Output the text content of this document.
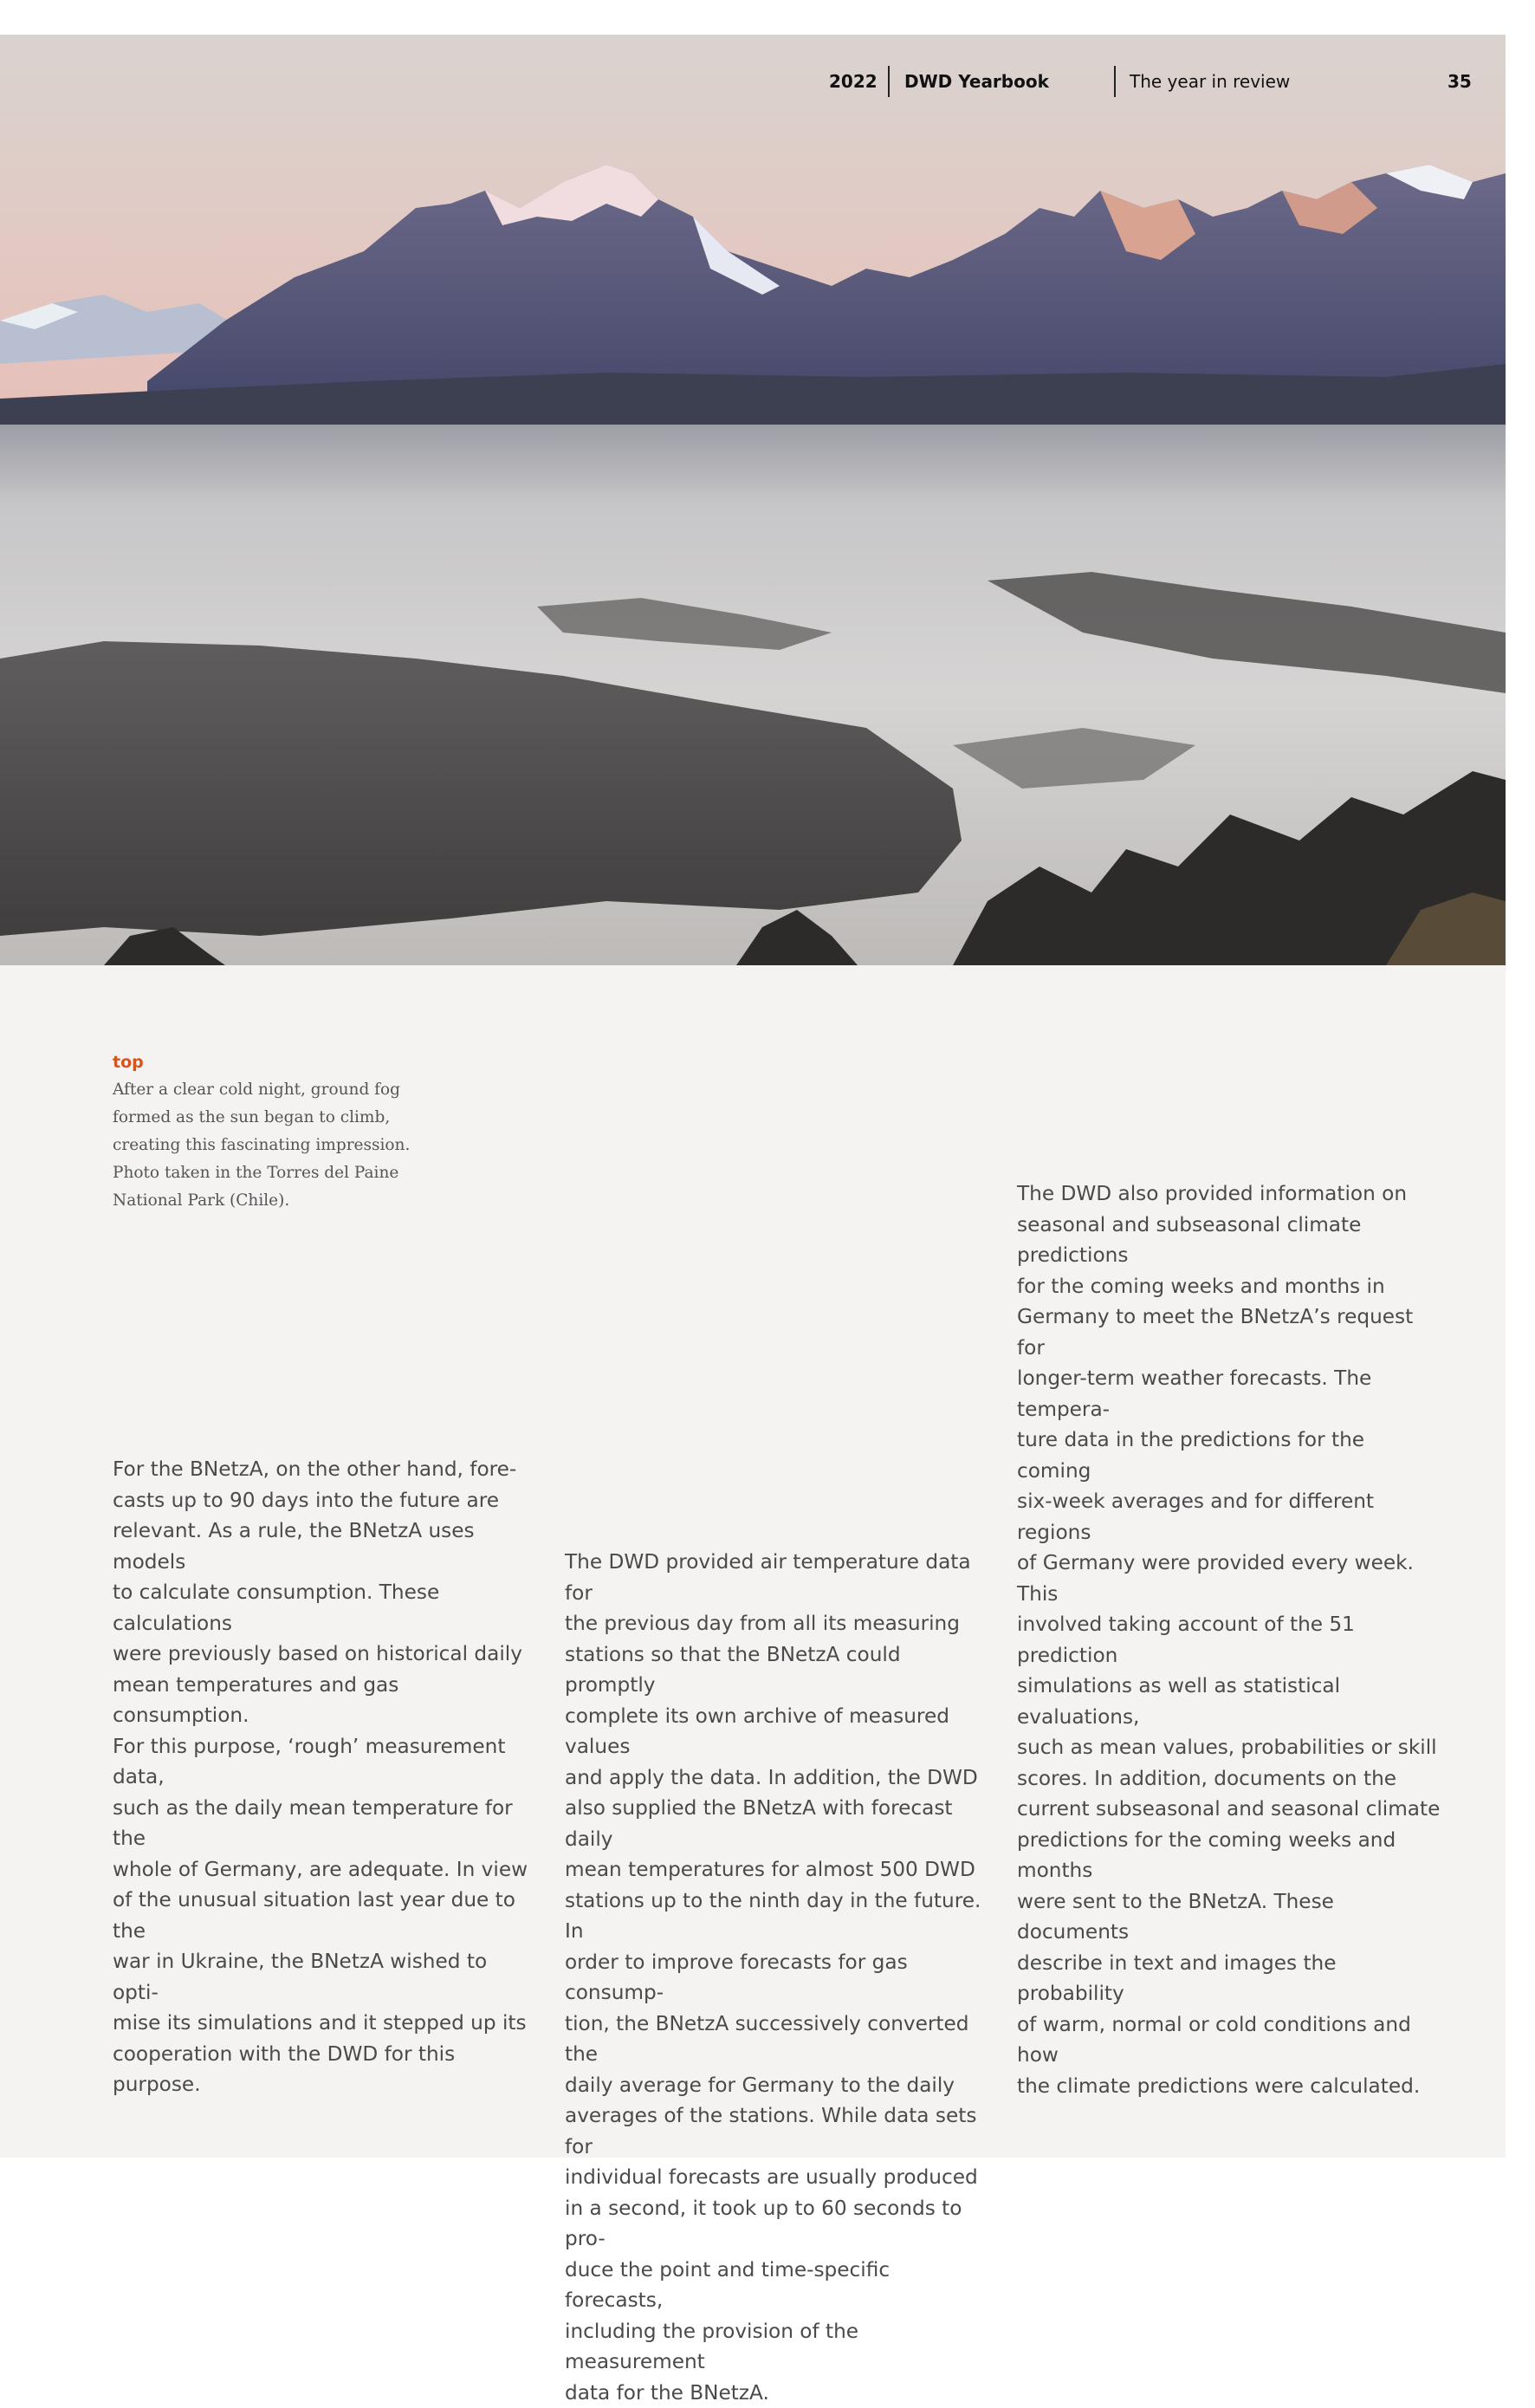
2022 DWD Yearbook	The year in review	35
top
After a clear cold night, ground fog
formed as the sun began to climb,
creating this fascinating impression.
Photo taken in the Torres del Paine
National Park (Chile).
For the BNetzA, on the other hand, fore-
casts up to 90 days into the future are
relevant. As a rule, the BNetzA uses models
to calculate consumption. These calculations
were previously based on historical daily
mean temperatures and gas consumption.
For this purpose, ‘rough’ measurement data,
such as the daily mean temperature for the
whole of Germany, are adequate. In view
of the unusual situation last year due to the
war in Ukraine, the BNetzA wished to opti-
mise its simulations and it stepped up its
cooperation with the DWD for this purpose.
The DWD provided air temperature data for
the previous day from all its measuring
stations so that the BNetzA could promptly
complete its own archive of measured values
and apply the data. In addition, the DWD
also supplied the BNetzA with forecast daily
mean temperatures for almost 500 DWD
stations up to the ninth day in the future. In
order to improve forecasts for gas consump-
tion, the BNetzA successively converted the
daily average for Germany to the daily
averages of the stations. While data sets for
individual forecasts are usually produced
in a second, it took up to 60 seconds to pro-
duce the point and time-specific forecasts,
including the provision of the measurement
data for the BNetzA.
The DWD also provided information on
seasonal and subseasonal climate predictions
for the coming weeks and months in
Germany to meet the BNetzA’s request for
longer-term weather forecasts. The tempera-
ture data in the predictions for the coming
six-week averages and for different regions
of Germany were provided every week. This
involved taking account of the 51 prediction
simulations as well as statistical evaluations,
such as mean values, probabilities or skill
scores. In addition, documents on the
current subseasonal and seasonal climate
predictions for the coming weeks and months
were sent to the BNetzA. These documents
describe in text and images the probability
of warm, normal or cold conditions and how
the climate predictions were calculated.
